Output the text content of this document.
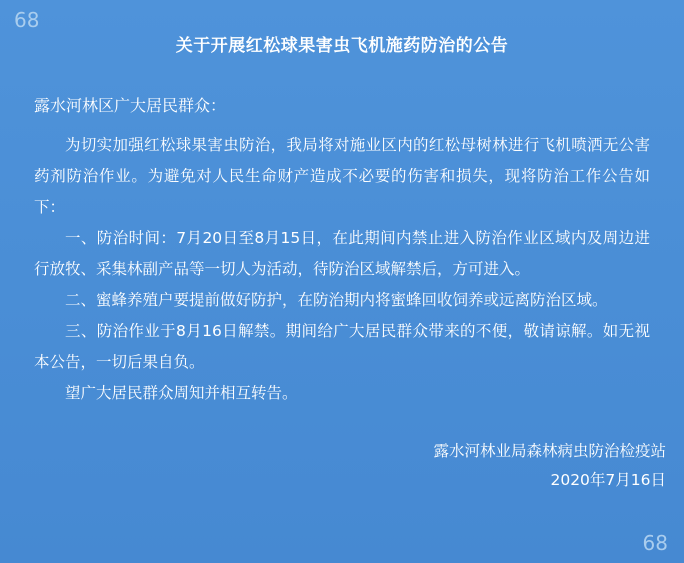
68
关于开展红松球果害虫飞机施药防治的公告

露水河林区广大居民群众：

为切实加强红松球果害虫防治，我局将对施业区内的红松母树林进行飞机喷洒无公害药剂防治作业。为避免对人民生命财产造成不必要的伤害和损失，现将防治工作公告如下：

一、防治时间：7月20日至8月15日，在此期间内禁止进入防治作业区域内及周边进行放牧、采集林副产品等一切人为活动，待防治区域解禁后，方可进入。

二、蜜蜂养殖户要提前做好防护，在防治期内将蜜蜂回收饲养或远离防治区域。

三、防治作业于8月16日解禁。期间给广大居民群众带来的不便，敬请谅解。如无视本公告，一切后果自负。

望广大居民群众周知并相互转告。

露水河林业局森林病虫防治检疫站

2020年7月16日

68
